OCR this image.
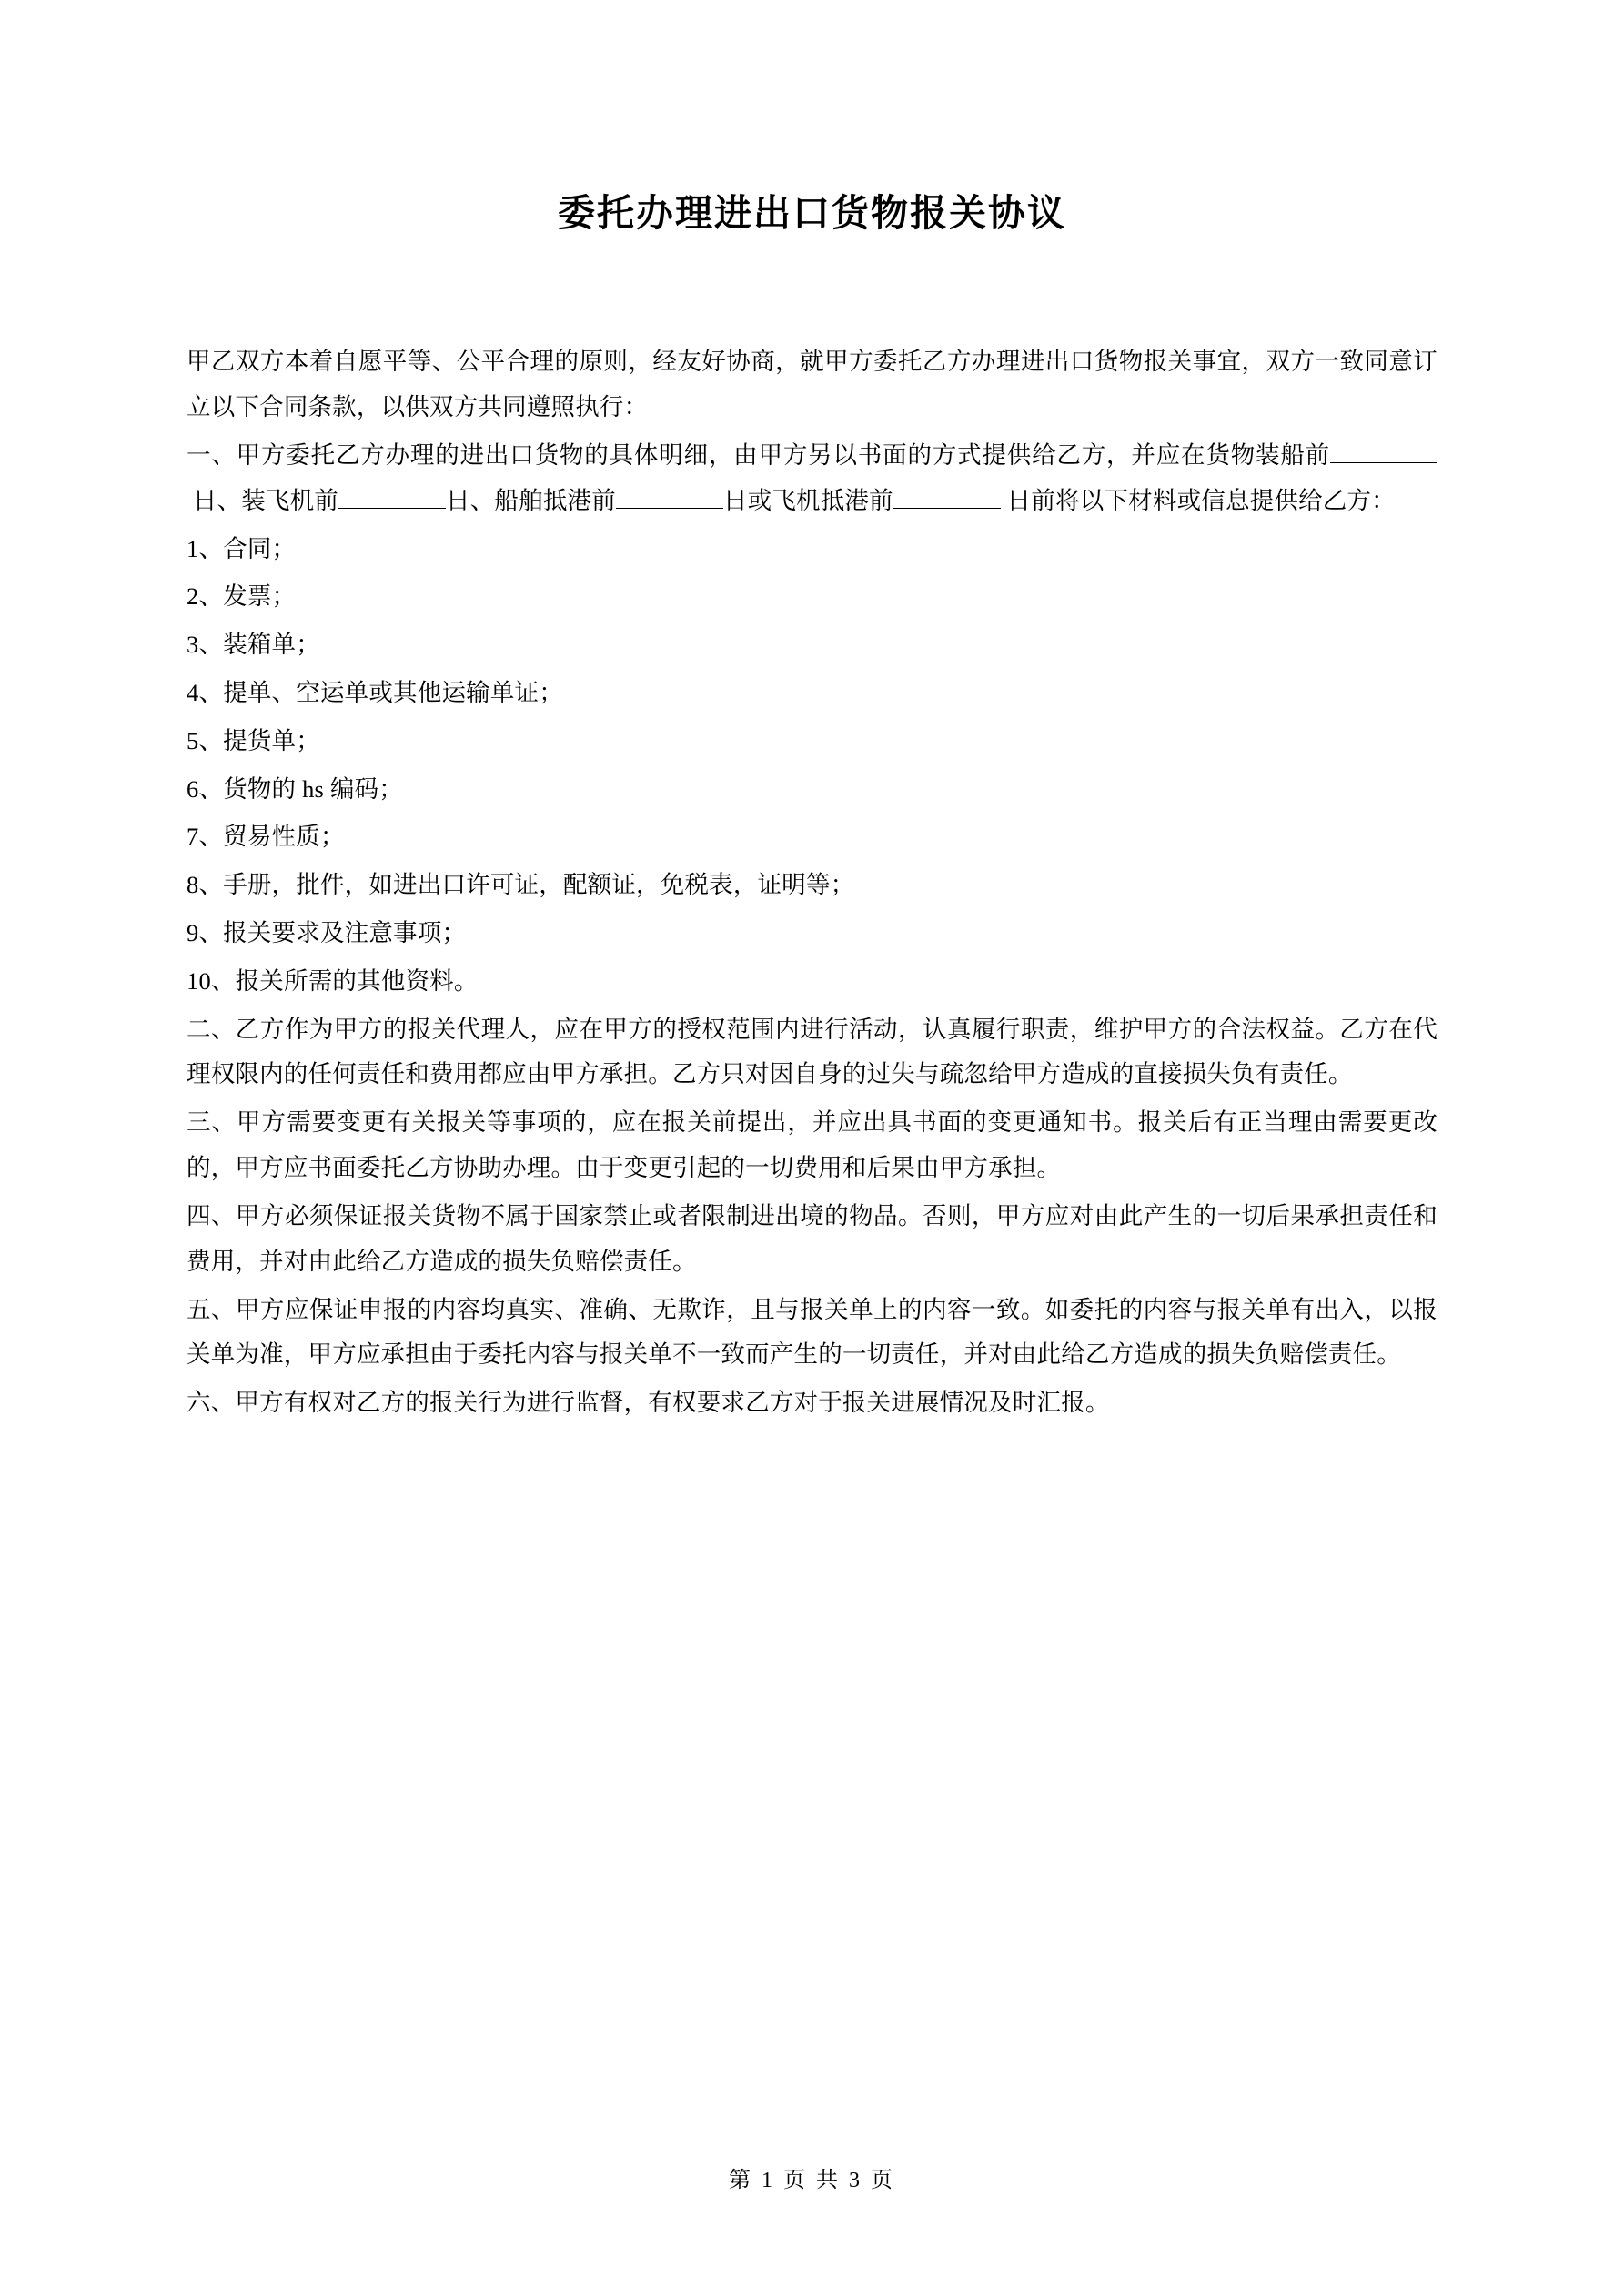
委托办理进出口货物报关协议

甲乙双方本着自愿平等、公平合理的原则，经友好协商，就甲方委托乙方办理进出口货物报关事宜，双方一致同意订立以下合同条款，以供双方共同遵照执行：

一、甲方委托乙方办理的进出口货物的具体明细，由甲方另以书面的方式提供给乙方，并应在货物装船前 日、装飞机前	日、船舶抵港前	日或飞机抵港前	日前将以下材料或信息提供给乙方：

1、合同；

2、发票；

3、装箱单；

4、提单、空运单或其他运输单证；

5、提货单；

6、货物的 hs 编码；

7、贸易性质；

8、手册，批件，如进出口许可证，配额证，免税表，证明等；

9、报关要求及注意事项；

10、报关所需的其他资料。

二、乙方作为甲方的报关代理人，应在甲方的授权范围内进行活动，认真履行职责，维护甲方的合法权益。乙方在代理权限内的任何责任和费用都应由甲方承担。乙方只对因自身的过失与疏忽给甲方造成的直接损失负有责任。

三、甲方需要变更有关报关等事项的，应在报关前提出，并应出具书面的变更通知书。报关后有正当理由需要更改的，甲方应书面委托乙方协助办理。由于变更引起的一切费用和后果由甲方承担。

四、甲方必须保证报关货物不属于国家禁止或者限制进出境的物品。否则，甲方应对由此产生的一切后果承担责任和费用，并对由此给乙方造成的损失负赔偿责任。

五、甲方应保证申报的内容均真实、准确、无欺诈，且与报关单上的内容一致。如委托的内容与报关单有出入，以报关单为准，甲方应承担由于委托内容与报关单不一致而产生的一切责任，并对由此给乙方造成的损失负赔偿责任。

六、甲方有权对乙方的报关行为进行监督，有权要求乙方对于报关进展情况及时汇报。

第 1 页 共 3 页
